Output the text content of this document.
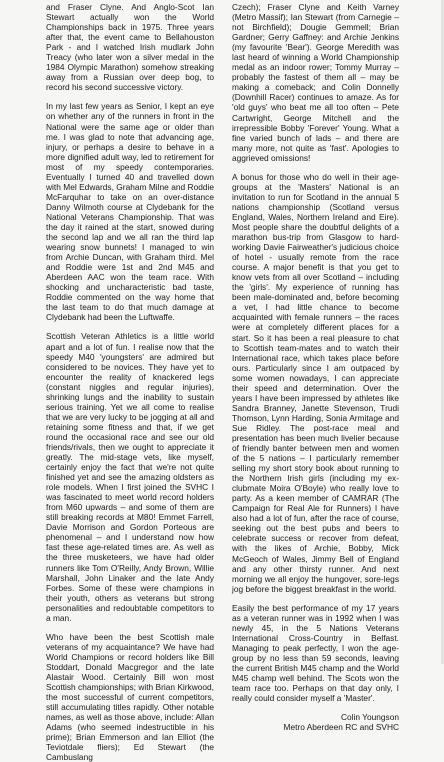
and Fraser Clyne. And Anglo-Scot Ian Stewart actually won the World Championships back in 1975. Three years after that, the event came to Bellahouston Park - and I watched Irish mudlark John Treacy (who later won a silver medal in the 1984 Olympic Marathon) somehow streaking away from a Russian over deep bog, to record his second successive victory.

In my last few years as Senior, I kept an eye on whether any of the runners in front in the National were the same age or older than me. I was glad to note that advancing age, injury, or perhaps a desire to behave in a more dignified adult way, led to retirement for most of my speedy contemporaries. Eventually I turned 40 and travelled down with Mel Edwards, Graham Milne and Roddie McFarquhar to take on an over-distance Danny Wilmoth course at Clydebank for the National Veterans Championship. That was the day it rained at the start, snowed during the second lap and we all ran the third lap wearing snow bunnets! I managed to win from Archie Duncan, with Graham third. Mel and Roddie were 1st and 2nd M45 and Aberdeen AAC won the team race. With shocking and uncharacteristic bad taste, Roddie commented on the way home that the last team to do that much damage at Clydebank had been the Luftwaffe.

Scottish Veteran Athletics is a little world apart and a lot of fun. I realise now that the speedy M40 'youngsters' are admired but considered to be novices. They have yet to encounter the reality of knackered legs (constant niggles and regular injuries), shrinking lungs and the inability to sustain serious training. Yet we all come to realise that we are very lucky to be jogging at all and retaining some fitness and that, if we get round the occasional race and see our old friends/rivals, then we ought to appreciate it greatly. The mid-stage vets, like myself, certainly enjoy the fact that we're not quite finished yet and see the amazing oldsters as role models. When I first joined the SVHC I was fascinated to meet world record holders from M60 upwards – and some of them are still breaking records at M80! Emmet Farrell, Davie Morrison and Gordon Porteous are phenomenal – and I understand now how fast these age-related times are. As well as the three musketeers, we have had older runners like Tom O'Reilly, Andy Brown, Willie Marshall, John Linaker and the late Andy Forbes. Some of these were champions in their youth, others as veterans but strong personalities and redoubtable competitors to a man.

Who have been the best Scottish male veterans of my acquaintance? We have had World Champions or record holders like Bill Stoddart, Donald Macgregor and the late Alastair Wood. Certainly Bill won most Scottish championships; with Brian Kirkwood, the most successful of current competitors, still accumulating titles rapidly. Other notable names, as well as those above, include: Allan Adams (who seemed indestructible in his prime); Brian Emmerson and Ian Elliot (the Teviotdale fliers); Ed Stewart (the Cambuslang

Czech); Fraser Clyne and Keith Varney (Metro Massif); Ian Stewart (from Carnegie – not Birchfield); Dougie Gemmell; Brian Gardner; Gerry Gaffney: and Archie Jenkins (my favourite 'Bear'). George Meredith was last heard of winning a World Championship medal as an indoor rower; Tommy Murray – probably the fastest of them all – may be making a comeback; and Colin Donnelly (Downhill Racer) continues to amaze. As for 'old guys' who beat me all too often – Pete Cartwright, George Mitchell and the irrepressible Bobby 'Forever' Young. What a fine varied bunch of lads – and there are many more, not quite as 'fast'. Apologies to aggrieved omissions!

A bonus for those who do well in their age-groups at the 'Masters' National is an invitation to run for Scotland in the annual 5 nations championship (Scotland versus England, Wales, Northern Ireland and Eire). Most people share the doubtful delights of a marathon bus-trip from Glasgow to hard-working Davie Fairweather's judicious choice of hotel - usually remote from the race course. A major benefit is that you get to know vets from all over Scotland – including the 'girls'. My experience of running has been male-dominated and, before becoming a vet, I had little chance to become acquainted with female runners – the races were at completely different places for a start. So it has been a real pleasure to chat to Scottish team-mates and to watch their International race, which takes place before ours. Particularly since I am outpaced by some women nowadays, I can appreciate their speed and determination. Over the years I have been impressed by athletes like Sandra Branney, Janette Stevenson, Trudi Thomson, Lynn Harding, Sonia Armitage and Sue Ridley. The post-race meal and presentation has been much livelier because of friendly banter between men and women of the 5 nations – I particularly remember selling my short story book about running to the Northern Irish girls (including my ex-clubmate Moira O'Boyle) who really love to party. As a keen member of CAMRAR (The Campaign for Real Ale for Runners) I have also had a lot of fun, after the race of course, seeking out the best pubs and beers to celebrate success or recover from defeat, with the likes of Archie, Bobby, Mick McGeoch of Wales, Jimmy Bell of England and any other thirsty runner. And next morning we all enjoy the hungover, sore-legs jog before the biggest breakfast in the world.

Easily the best performance of my 17 years as a veteran runner was in 1992 when I was newly 45, in the 5 Nations Veterans International Cross-Country in Belfast. Managing to peak perfectly, I won the age-group by no less than 59 seconds, leaving the current British M45 champ and the World M45 champ well behind. The Scots won the team race too. Perhaps on that day only, I really could consider myself a 'Master'.

Colin Youngson
Metro Aberdeen RC and SVHC
